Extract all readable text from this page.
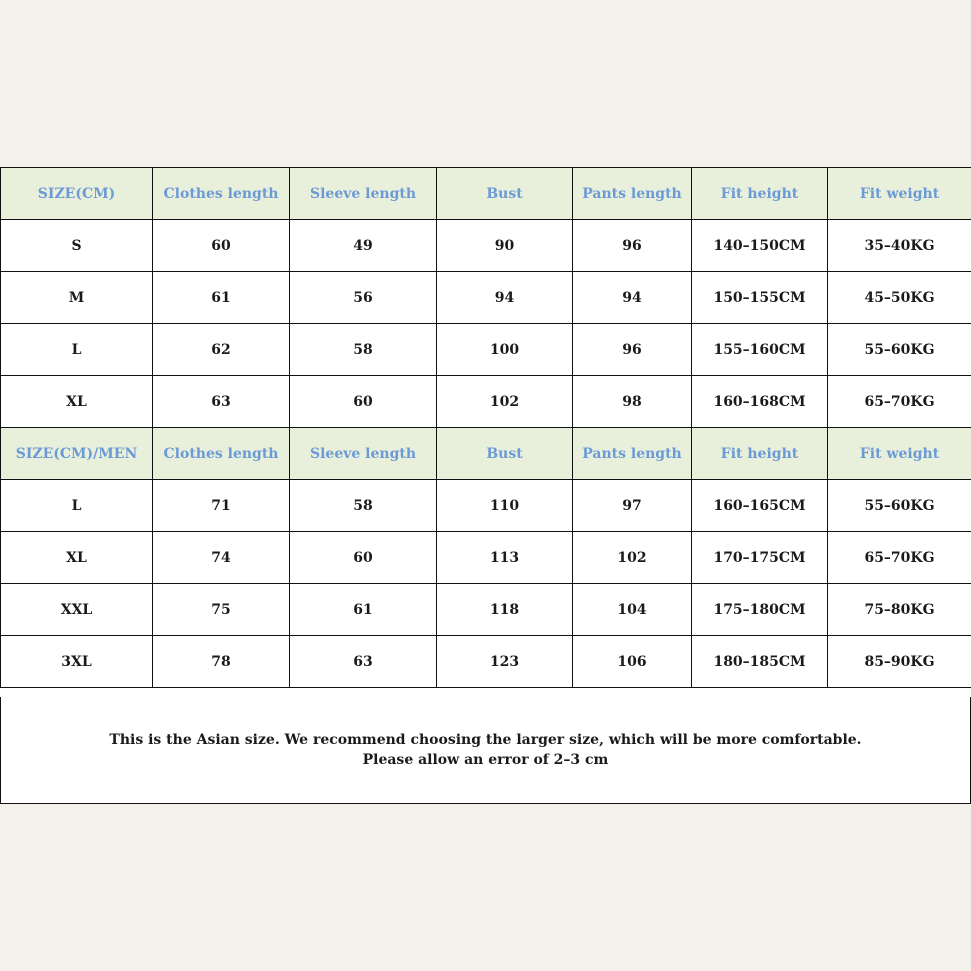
SIZE(CM)	Clothes length	Sleeve length	Bust	Pants length	Fit height	Fit weight
S	60	49	90	96	140–150CM	35–40KG
M	61	56	94	94	150–155CM	45–50KG
L	62	58	100	96	155–160CM	55–60KG
XL	63	60	102	98	160–168CM	65–70KG
SIZE(CM)/MEN	Clothes length	Sleeve length	Bust	Pants length	Fit height	Fit weight
L	71	58	110	97	160–165CM	55–60KG
XL	74	60	113	102	170–175CM	65–70KG
XXL	75	61	118	104	175–180CM	75–80KG
3XL	78	63	123	106	180–185CM	85–90KG
This is the Asian size. We recommend choosing the larger size, which will be more comfortable.
Please allow an error of 2–3 cm
